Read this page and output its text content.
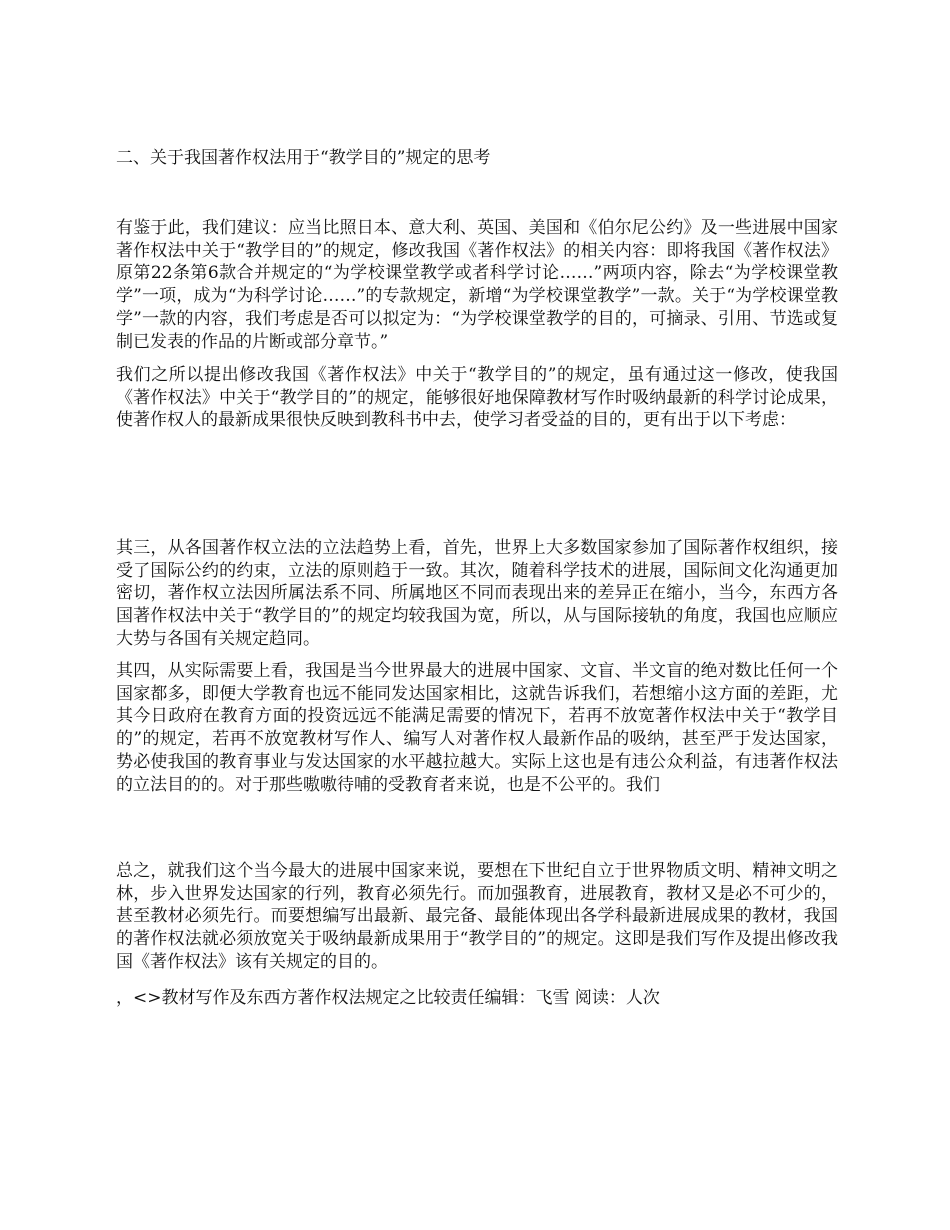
二、关于我国著作权法用于“教学目的”规定的思考

有鉴于此，我们建议：应当比照日本、意大利、英国、美国和《伯尔尼公约》及一些进展中国家著作权法中关于“教学目的”的规定，修改我国《著作权法》的相关内容：即将我国《著作权法》原第22条第6款合并规定的“为学校课堂教学或者科学讨论……”两项内容，除去“为学校课堂教学”一项，成为“为科学讨论……”的专款规定，新增“为学校课堂教学”一款。关于“为学校课堂教学”一款的内容，我们考虑是否可以拟定为：“为学校课堂教学的目的，可摘录、引用、节选或复制已发表的作品的片断或部分章节。”

我们之所以提出修改我国《著作权法》中关于“教学目的”的规定，虽有通过这一修改，使我国《著作权法》中关于“教学目的”的规定，能够很好地保障教材写作时吸纳最新的科学讨论成果，使著作权人的最新成果很快反映到教科书中去，使学习者受益的目的，更有出于以下考虑：

其三，从各国著作权立法的立法趋势上看，首先，世界上大多数国家参加了国际著作权组织，接受了国际公约的约束，立法的原则趋于一致。其次，随着科学技术的进展，国际间文化沟通更加密切，著作权立法因所属法系不同、所属地区不同而表现出来的差异正在缩小，当今，东西方各国著作权法中关于“教学目的”的规定均较我国为宽，所以，从与国际接轨的角度，我国也应顺应大势与各国有关规定趋同。

其四，从实际需要上看，我国是当今世界最大的进展中国家、文盲、半文盲的绝对数比任何一个国家都多，即便大学教育也远不能同发达国家相比，这就告诉我们，若想缩小这方面的差距，尤其今日政府在教育方面的投资远远不能满足需要的情况下，若再不放宽著作权法中关于“教学目的”的规定，若再不放宽教材写作人、编写人对著作权人最新作品的吸纳，甚至严于发达国家，势必使我国的教育事业与发达国家的水平越拉越大。实际上这也是有违公众利益，有违著作权法的立法目的的。对于那些嗷嗷待哺的受教育者来说，也是不公平的。我们

总之，就我们这个当今最大的进展中国家来说，要想在下世纪自立于世界物质文明、精神文明之林，步入世界发达国家的行列，教育必须先行。而加强教育，进展教育，教材又是必不可少的，甚至教材必须先行。而要想编写出最新、最完备、最能体现出各学科最新进展成果的教材，我国的著作权法就必须放宽关于吸纳最新成果用于“教学目的”的规定。这即是我们写作及提出修改我国《著作权法》该有关规定的目的。

，<>教材写作及东西方著作权法规定之比较责任编辑：飞雪 阅读：人次
